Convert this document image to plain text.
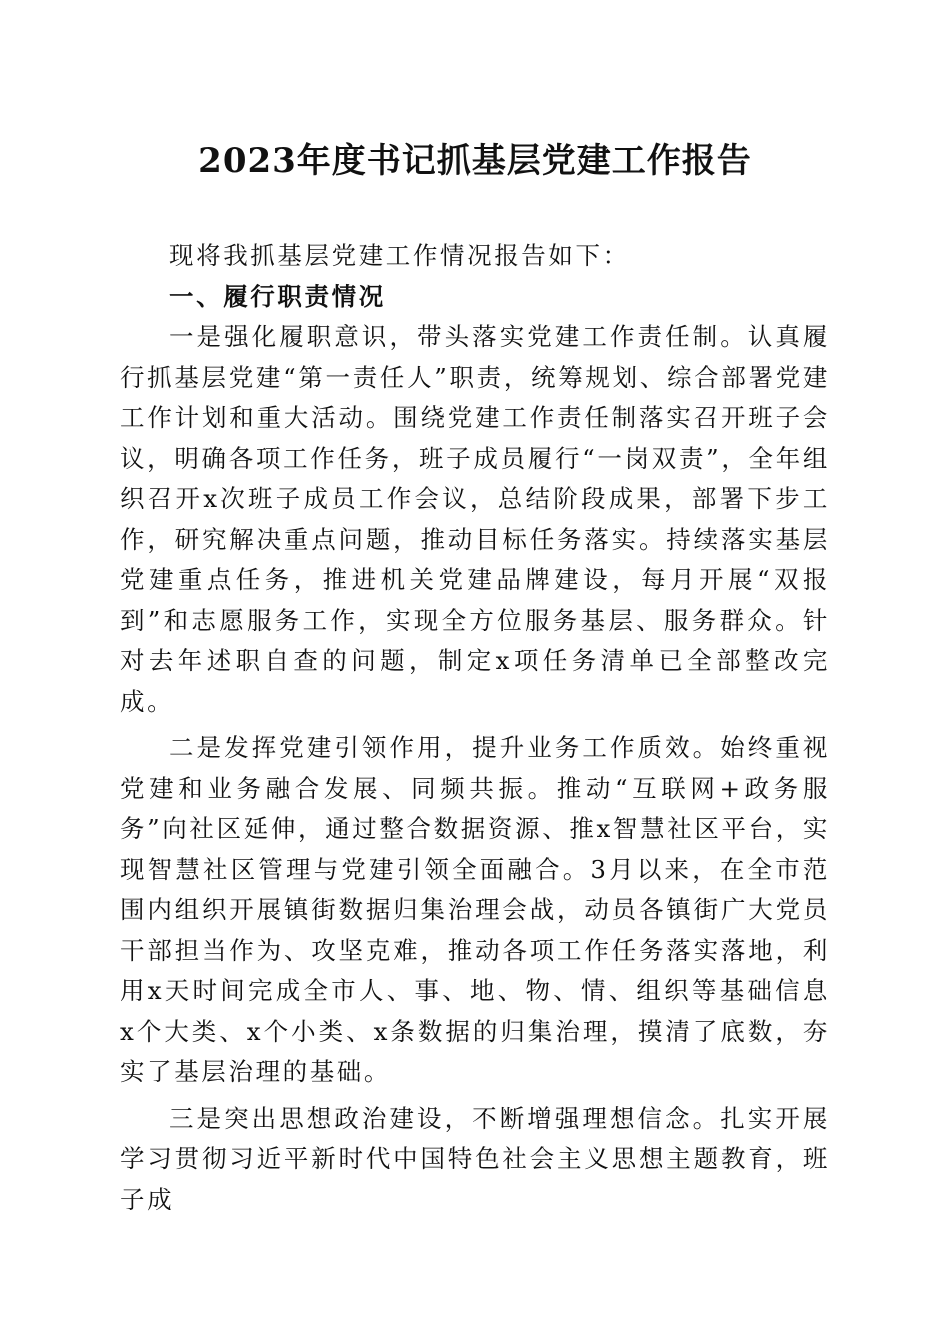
2023年度书记抓基层党建工作报告

现将我抓基层党建工作情况报告如下：

一、履行职责情况

一是强化履职意识，带头落实党建工作责任制。认真履行抓基层党建“第一责任人”职责，统筹规划、综合部署党建工作计划和重大活动。围绕党建工作责任制落实召开班子会议，明确各项工作任务，班子成员履行“一岗双责”，全年组织召开x次班子成员工作会议，总结阶段成果，部署下步工作，研究解决重点问题，推动目标任务落实。持续落实基层党建重点任务，推进机关党建品牌建设，每月开展“双报到”和志愿服务工作，实现全方位服务基层、服务群众。针对去年述职自查的问题，制定x项任务清单已全部整改完成。

二是发挥党建引领作用，提升业务工作质效。始终重视党建和业务融合发展、同频共振。推动“互联网+政务服务”向社区延伸，通过整合数据资源、推x智慧社区平台，实现智慧社区管理与党建引领全面融合。3月以来，在全市范围内组织开展镇街数据归集治理会战，动员各镇街广大党员干部担当作为、攻坚克难，推动各项工作任务落实落地，利用x天时间完成全市人、事、地、物、情、组织等基础信息x个大类、x个小类、x条数据的归集治理，摸清了底数，夯实了基层治理的基础。

三是突出思想政治建设，不断增强理想信念。扎实开展学习贯彻习近平新时代中国特色社会主义思想主题教育，班子成
